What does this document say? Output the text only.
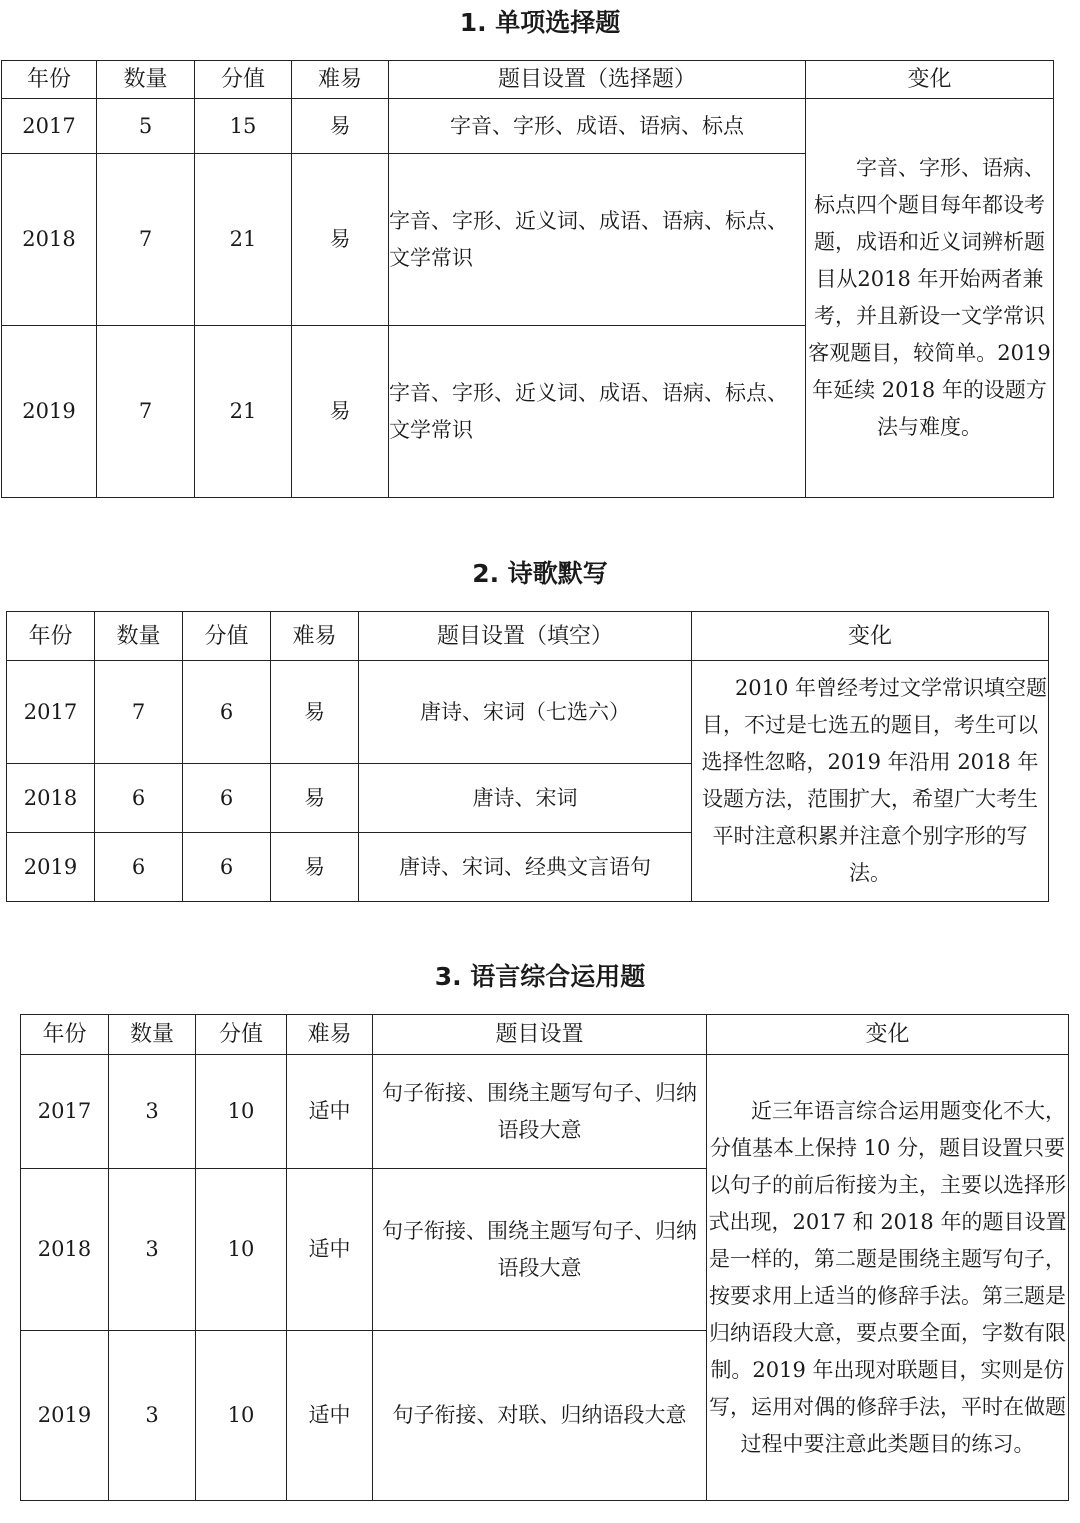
1. 单项选择题
年份	数量	分值	难易	题目设置（选择题）	变化
2017	5	15	易	字音、字形、成语、语病、标点	字音、字形、语病、标点四个题目每年都设考题，成语和近义词辨析题目从2018 年开始两者兼考，并且新设一文学常识客观题目，较简单。2019 年延续 2018 年的设题方法与难度。

2018	7	21	易	字音、字形、近义词、成语、语病、标点、文学常识	
2019	7	21	易	字音、字形、近义词、成语、语病、标点、文学常识	
2. 诗歌默写
年份	数量	分值	难易	题目设置（填空）	变化
2017	7	6	易	唐诗、宋词（七选六）	2010 年曾经考过文学常识填空题目，不过是七选五的题目，考生可以选择性忽略，2019 年沿用 2018 年设题方法，范围扩大，希望广大考生平时注意积累并注意个别字形的写法。

2018	6	6	易	唐诗、宋词	
2019	6	6	易	唐诗、宋词、经典文言语句	
3. 语言综合运用题
年份	数量	分值	难易	题目设置	变化
2017	3	10	适中	句子衔接、围绕主题写句子、归纳语段大意	近三年语言综合运用题变化不大，分值基本上保持 10 分，题目设置只要以句子的前后衔接为主，主要以选择形式出现，2017 和 2018 年的题目设置是一样的，第二题是围绕主题写句子，按要求用上适当的修辞手法。第三题是归纳语段大意，要点要全面，字数有限制。2019 年出现对联题目，实则是仿写，运用对偶的修辞手法，平时在做题过程中要注意此类题目的练习。

2018	3	10	适中	句子衔接、围绕主题写句子、归纳语段大意	
2019	3	10	适中	句子衔接、对联、归纳语段大意	
